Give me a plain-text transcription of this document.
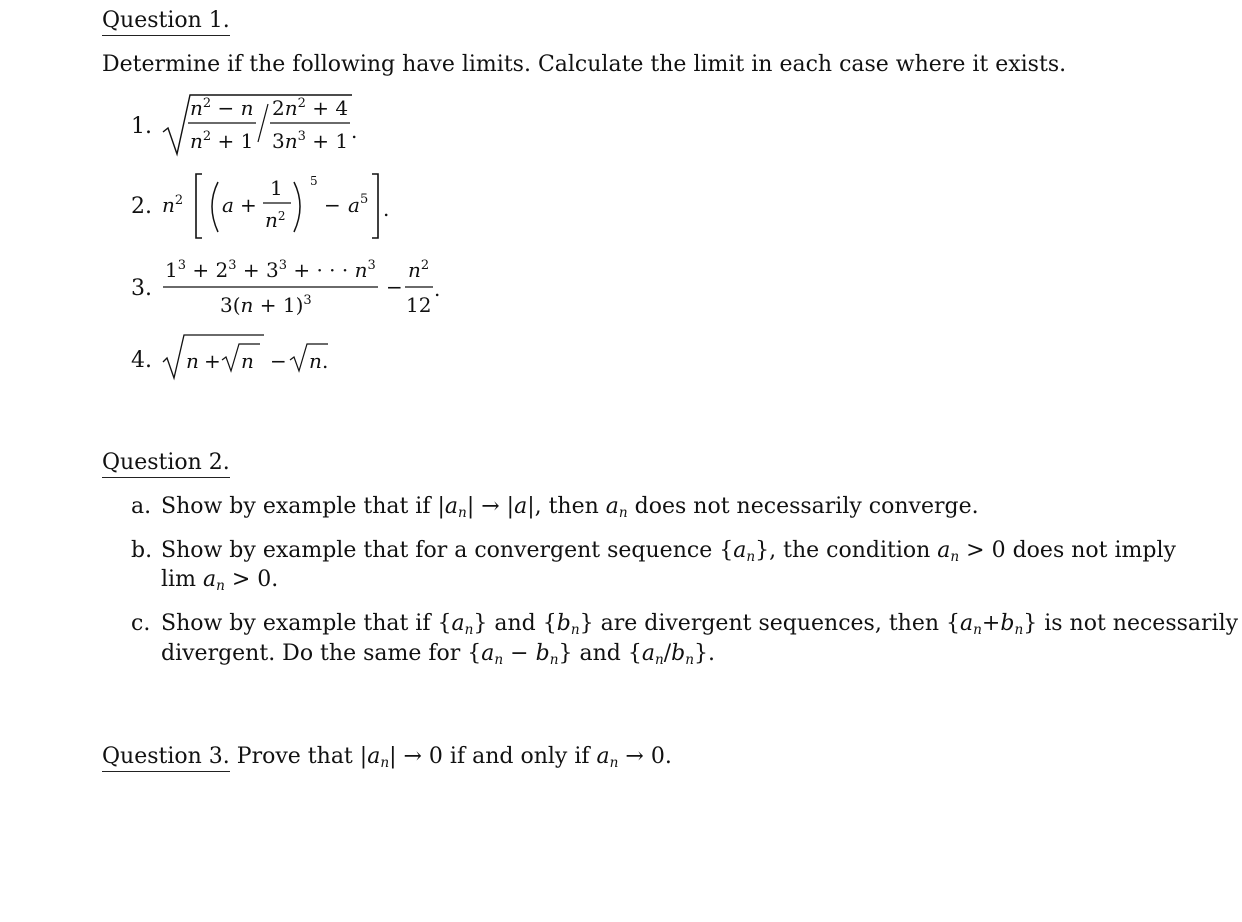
Question 1.
Determine if the following have limits. Calculate the limit in each case where it exists.
1.
$n^2 - n$
$n^2 + 1$
$2n^2 + 4$
$3n^3 + 1$ .
2. $n^2$ a +
1
$n^2$
5
− $a^5$ .
3.
$1^3 + 2^3 + 3^3$ + · · · $n^3$
$3(n + 1)^3$
−
$n^2$
12
.
4. n + n − n .
Question 2.
a. Show by example that if $|a_n| \to |a|$, then $a_n$ does not necessarily converge.
b. Show by example that for a convergent sequence $\{a_n\}$, the condition $a_n > 0$ does not imply
$\lim a_n > 0$.
c. Show by example that if $\{a_n\}$ and $\{b_n\}$ are divergent sequences, then $\{a_n+b_n\}$ is not necessarily
divergent. Do the same for $\{a_n - b_n\}$ and $\{a_n/b_n\}$.
Question 3. Prove that $|a_n| \to 0$ if and only if $a_n \to 0$.
